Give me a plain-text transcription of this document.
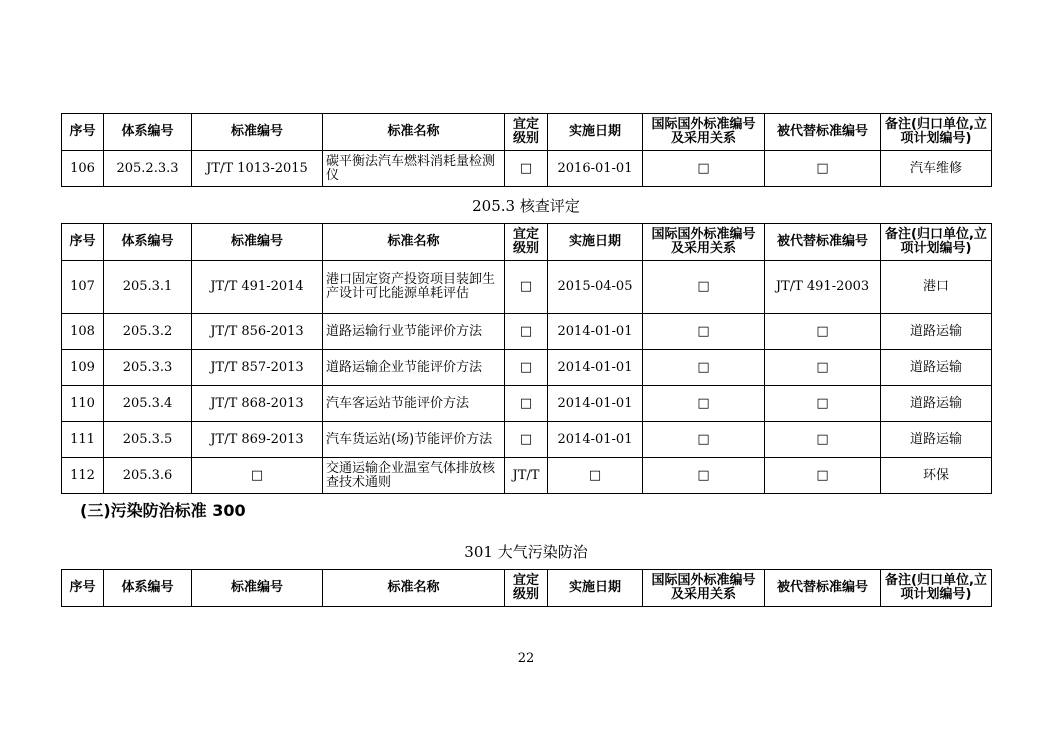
序号	体系编号	标准编号	标准名称	宜定级别	实施日期	国际国外标准编号及采用关系	被代替标准编号	备注(归口单位,立项计划编号)
106	205.2.3.3	JT/T 1013-2015	碳平衡法汽车燃料消耗量检测仪	□	2016-01-01	□	□	汽车维修
205.3 核查评定
序号	体系编号	标准编号	标准名称	宜定级别	实施日期	国际国外标准编号及采用关系	被代替标准编号	备注(归口单位,立项计划编号)
107	205.3.1	JT/T 491-2014	港口固定资产投资项目装卸生产设计可比能源单耗评估	□	2015-04-05	□	JT/T 491-2003	港口
108	205.3.2	JT/T 856-2013	道路运输行业节能评价方法	□	2014-01-01	□	□	道路运输
109	205.3.3	JT/T 857-2013	道路运输企业节能评价方法	□	2014-01-01	□	□	道路运输
110	205.3.4	JT/T 868-2013	汽车客运站节能评价方法	□	2014-01-01	□	□	道路运输
111	205.3.5	JT/T 869-2013	汽车货运站(场)节能评价方法	□	2014-01-01	□	□	道路运输
112	205.3.6	□	交通运输企业温室气体排放核查技术通则	JT/T	□	□	□	环保
(三)污染防治标准 300
301 大气污染防治
序号	体系编号	标准编号	标准名称	宜定级别	实施日期	国际国外标准编号及采用关系	被代替标准编号	备注(归口单位,立项计划编号)
22
